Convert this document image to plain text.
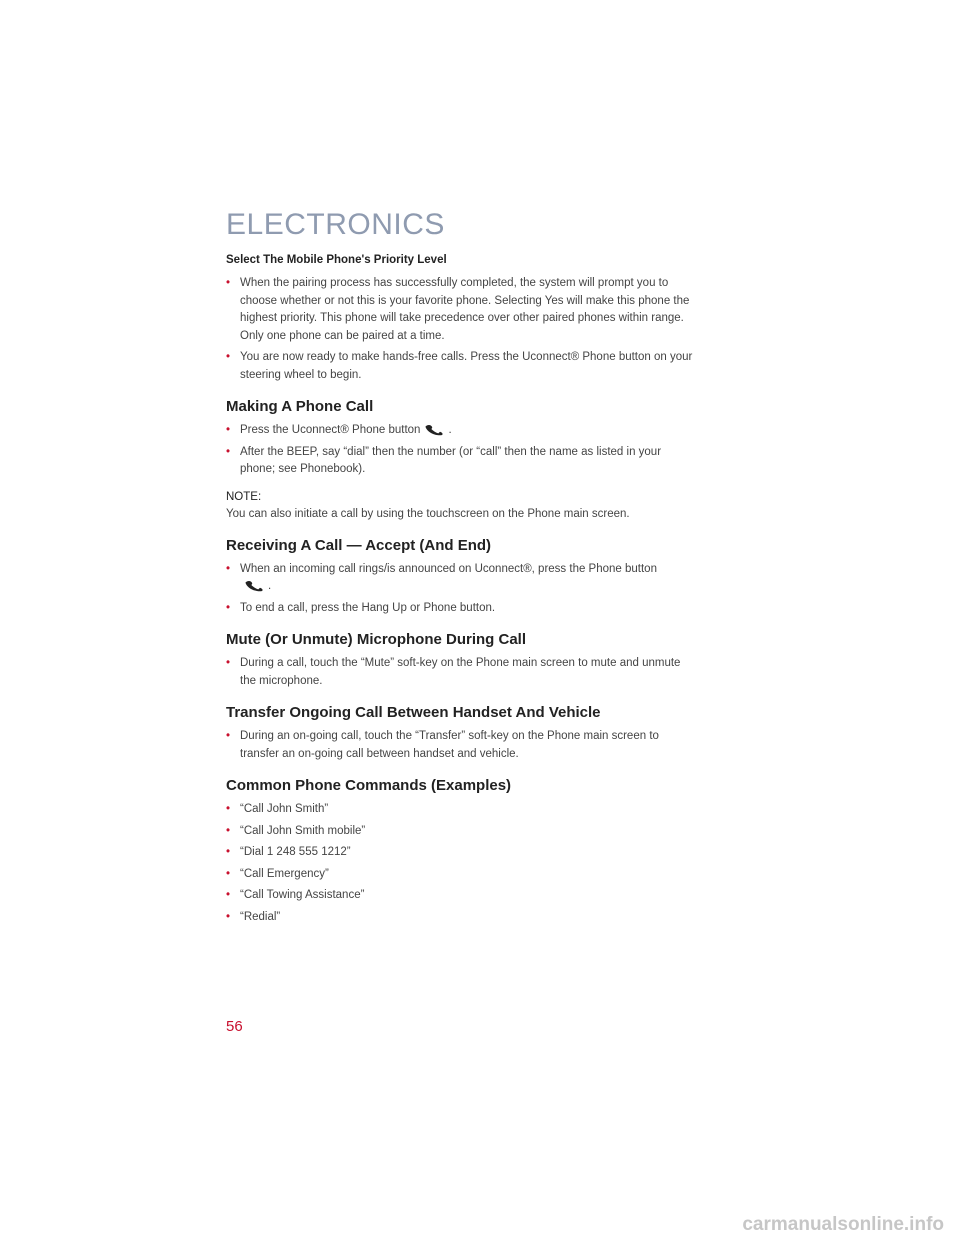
ELECTRONICS

Select The Mobile Phone's Priority Level

• When the pairing process has successfully completed, the system will prompt you to choose whether or not this is your favorite phone. Selecting Yes will make this phone the highest priority. This phone will take precedence over other paired phones within range. Only one phone can be paired at a time.
• You are now ready to make hands-free calls. Press the Uconnect® Phone button on your steering wheel to begin.
Making A Phone Call
• Press the Uconnect® Phone button .
• After the BEEP, say “dial” then the number (or “call” then the name as listed in your phone; see Phonebook).

NOTE:

You can also initiate a call by using the touchscreen on the Phone main screen.

Receiving A Call — Accept (And End)
• When an incoming call rings/is announced on Uconnect®, press the Phone button
.
• To end a call, press the Hang Up or Phone button.
Mute (Or Unmute) Microphone During Call
• During a call, touch the “Mute” soft-key on the Phone main screen to mute and unmute the microphone.
Transfer Ongoing Call Between Handset And Vehicle
• During an on-going call, touch the “Transfer” soft-key on the Phone main screen to transfer an on-going call between handset and vehicle.
Common Phone Commands (Examples)
• “Call John Smith”
• “Call John Smith mobile”
• “Dial 1 248 555 1212”
• “Call Emergency”
• “Call Towing Assistance”
• “Redial”
56
carmanualsonline.info
